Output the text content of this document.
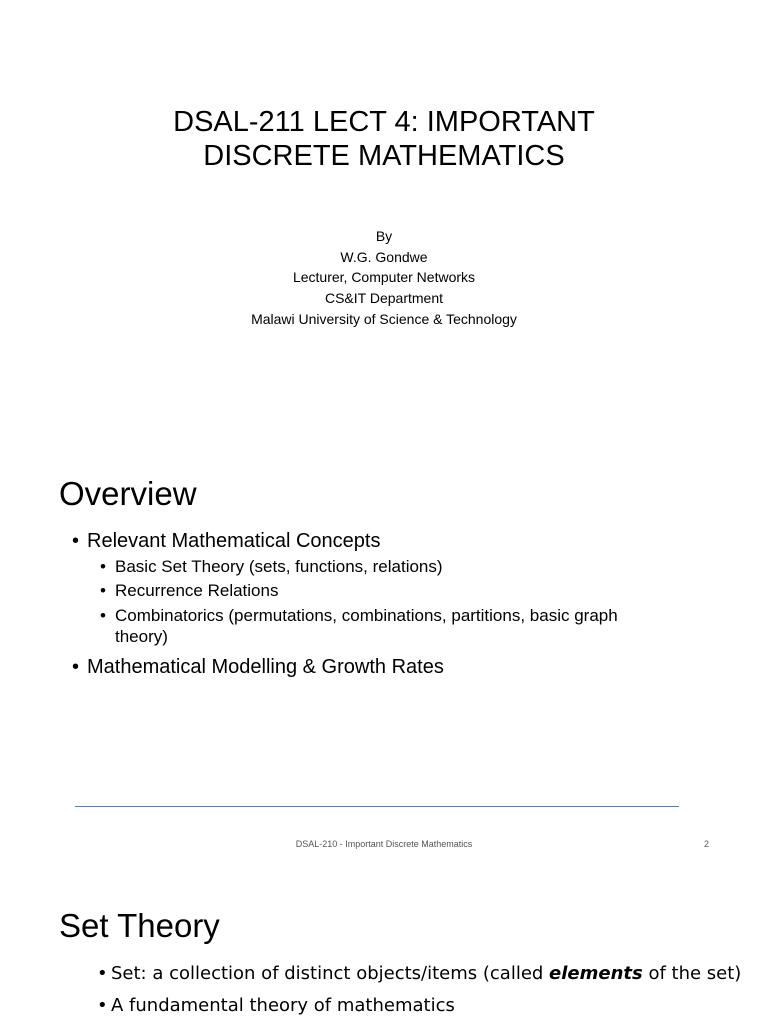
DSAL-211 LECT 4: IMPORTANT
DISCRETE MATHEMATICS
By
W.G. Gondwe
Lecturer, Computer Networks
CS&IT Department
Malawi University of Science & Technology
Overview
• Relevant Mathematical Concepts
• Basic Set Theory (sets, functions, relations)
• Recurrence Relations
• Combinatorics (permutations, combinations, partitions, basic graph
theory)
• Mathematical Modelling & Growth Rates
DSAL-210 - Important Discrete Mathematics	2
Set Theory
• Set: a collection of distinct objects/items (called elements of the set)
• A fundamental theory of mathematics
